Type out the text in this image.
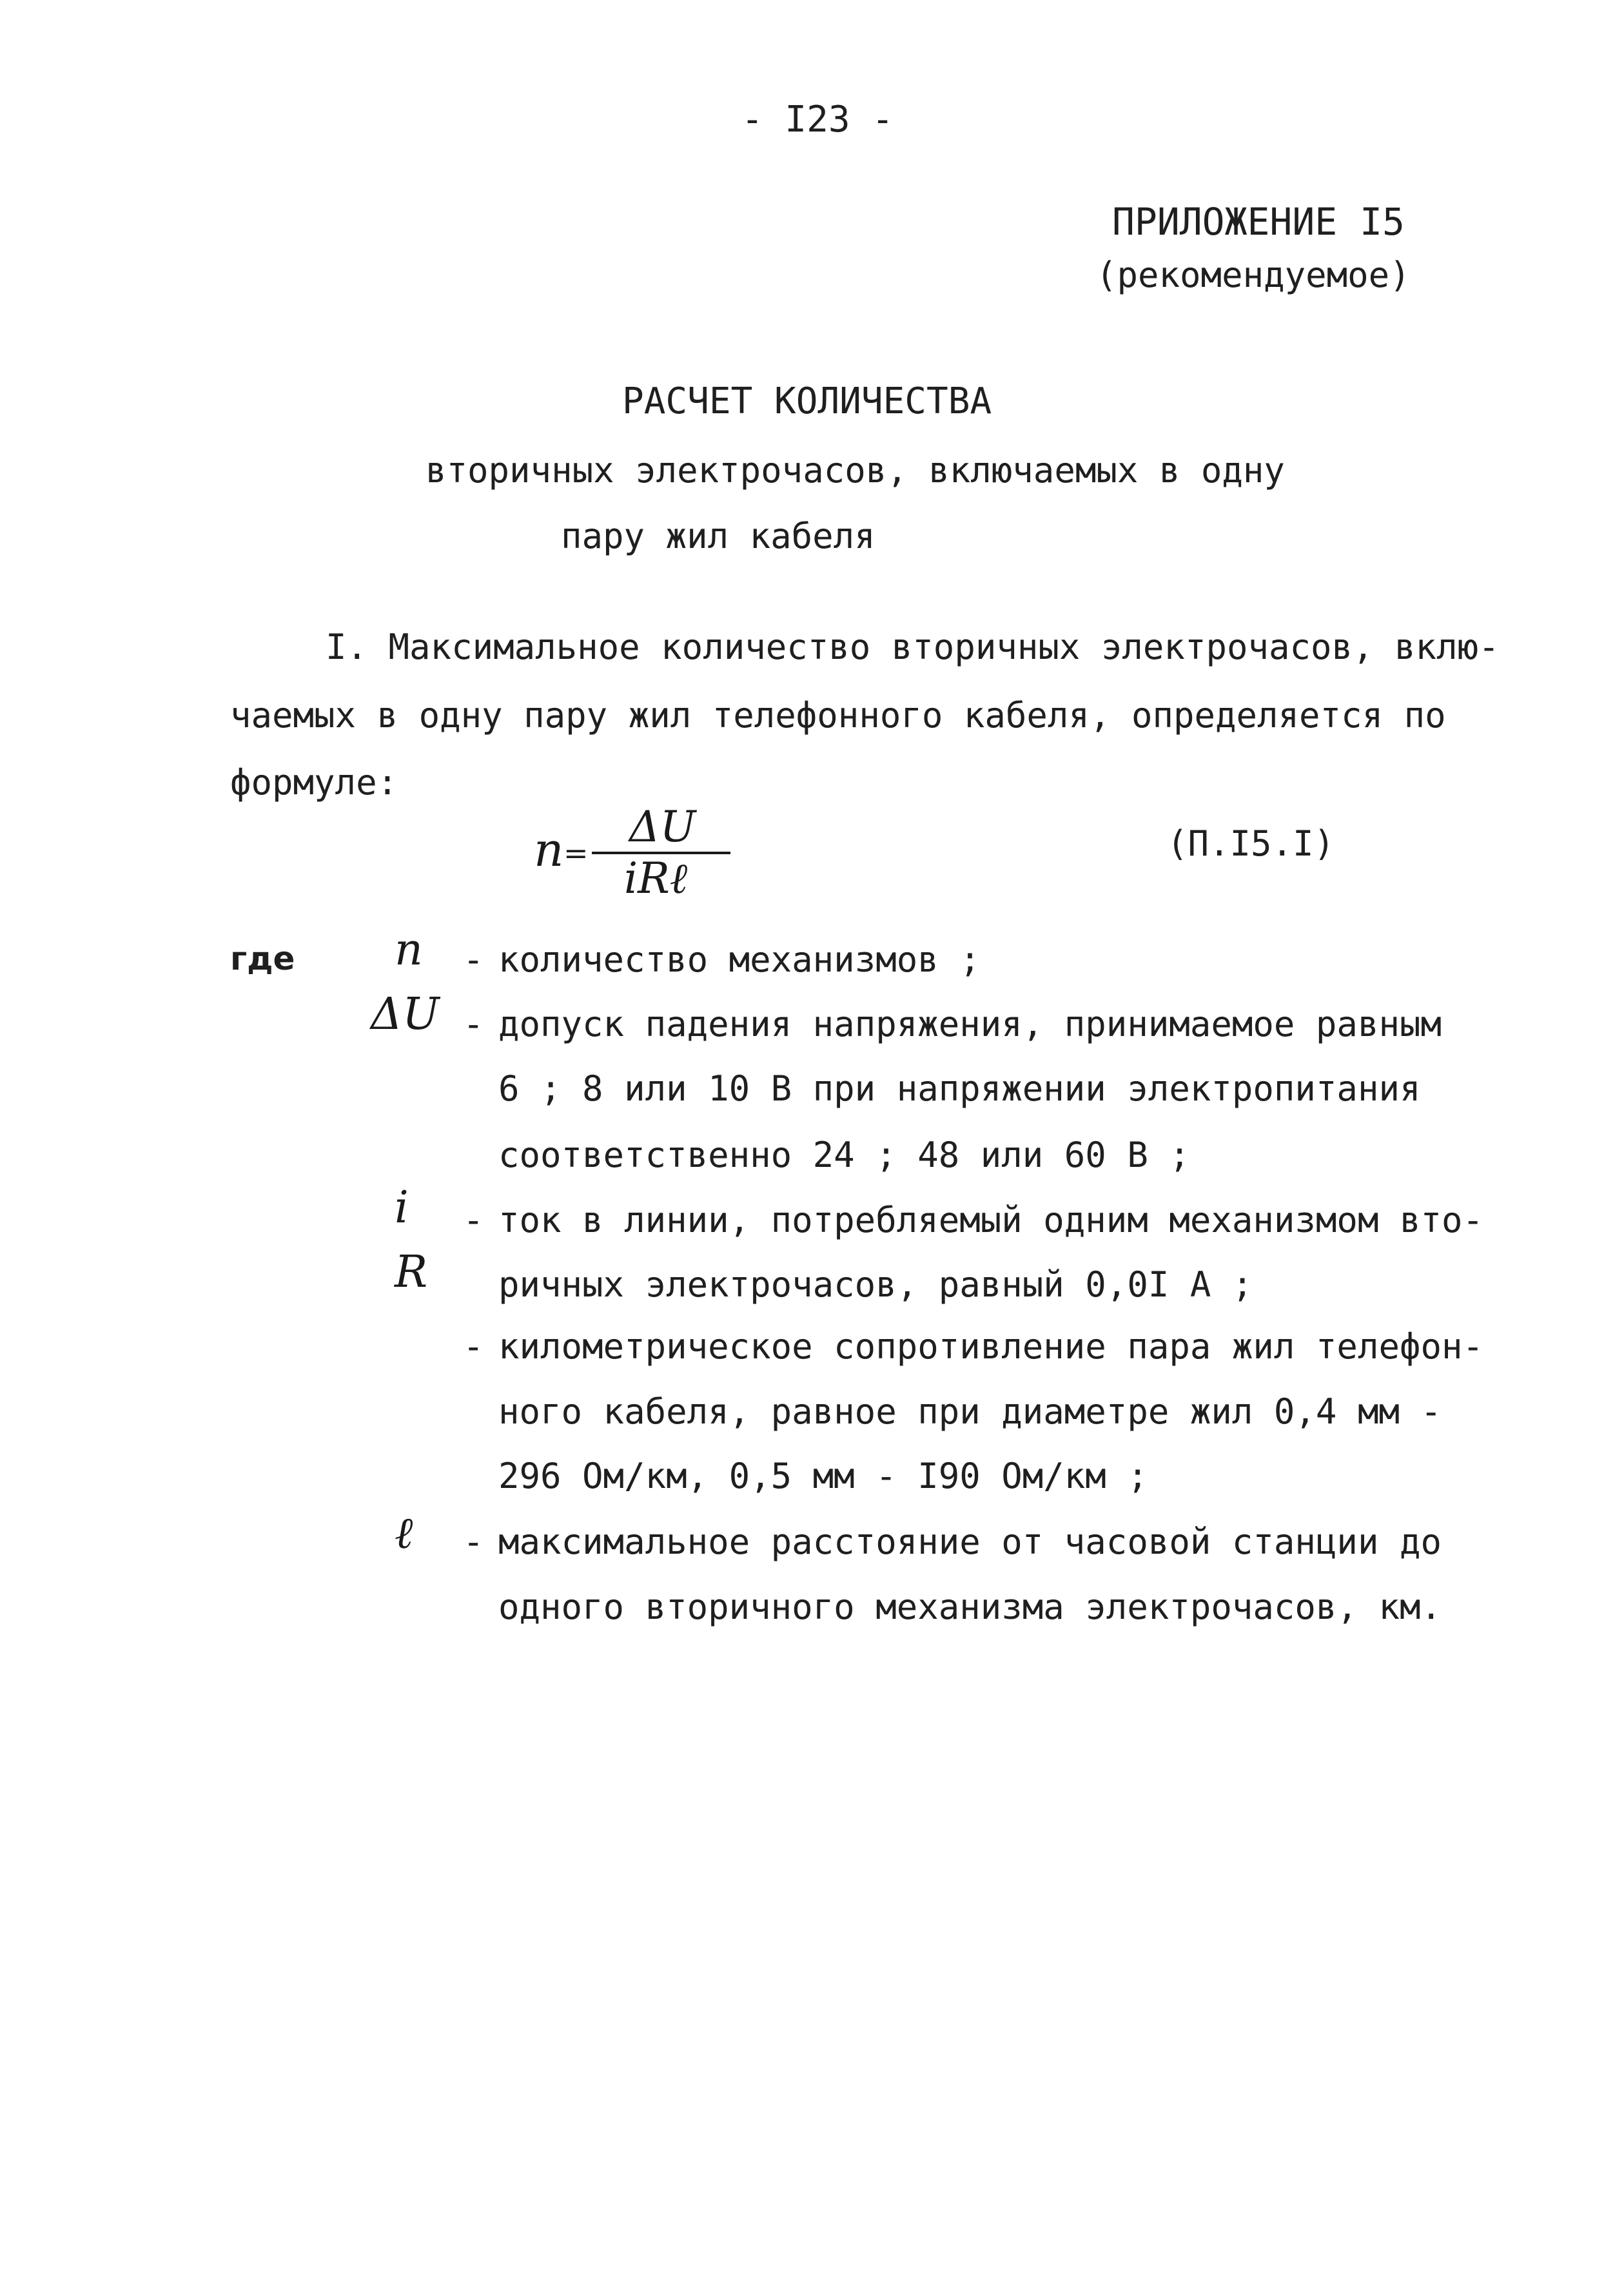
- I23 -
ПРИЛОЖЕНИЕ I5
(рекомендуемое)
РАСЧЕТ КОЛИЧЕСТВА
вторичных электрочасов, включаемых в одну
пару жил кабеля
I. Максимальное количество вторичных электрочасов, вклю-
чаемых в одну пару жил телефонного кабеля, определяется по
формуле:
n =
ΔU
iRℓ
(П.I5.I)
где n - количество механизмов ;
ΔU - допуск падения напряжения, принимаемое равным
6 ; 8 или 10 В при напряжении электропитания
соответственно 24 ; 48 или 60 В ;
i - ток в линии, потребляемый одним механизмом вто-
ричных электрочасов, равный 0,0I А ;
R
- километрическое сопротивление пара жил телефон-
ного кабеля, равное при диаметре жил 0,4 мм -
296 Ом/км, 0,5 мм - I90 Ом/км ;
ℓ - максимальное расстояние от часовой станции до
одного вторичного механизма электрочасов, км.
